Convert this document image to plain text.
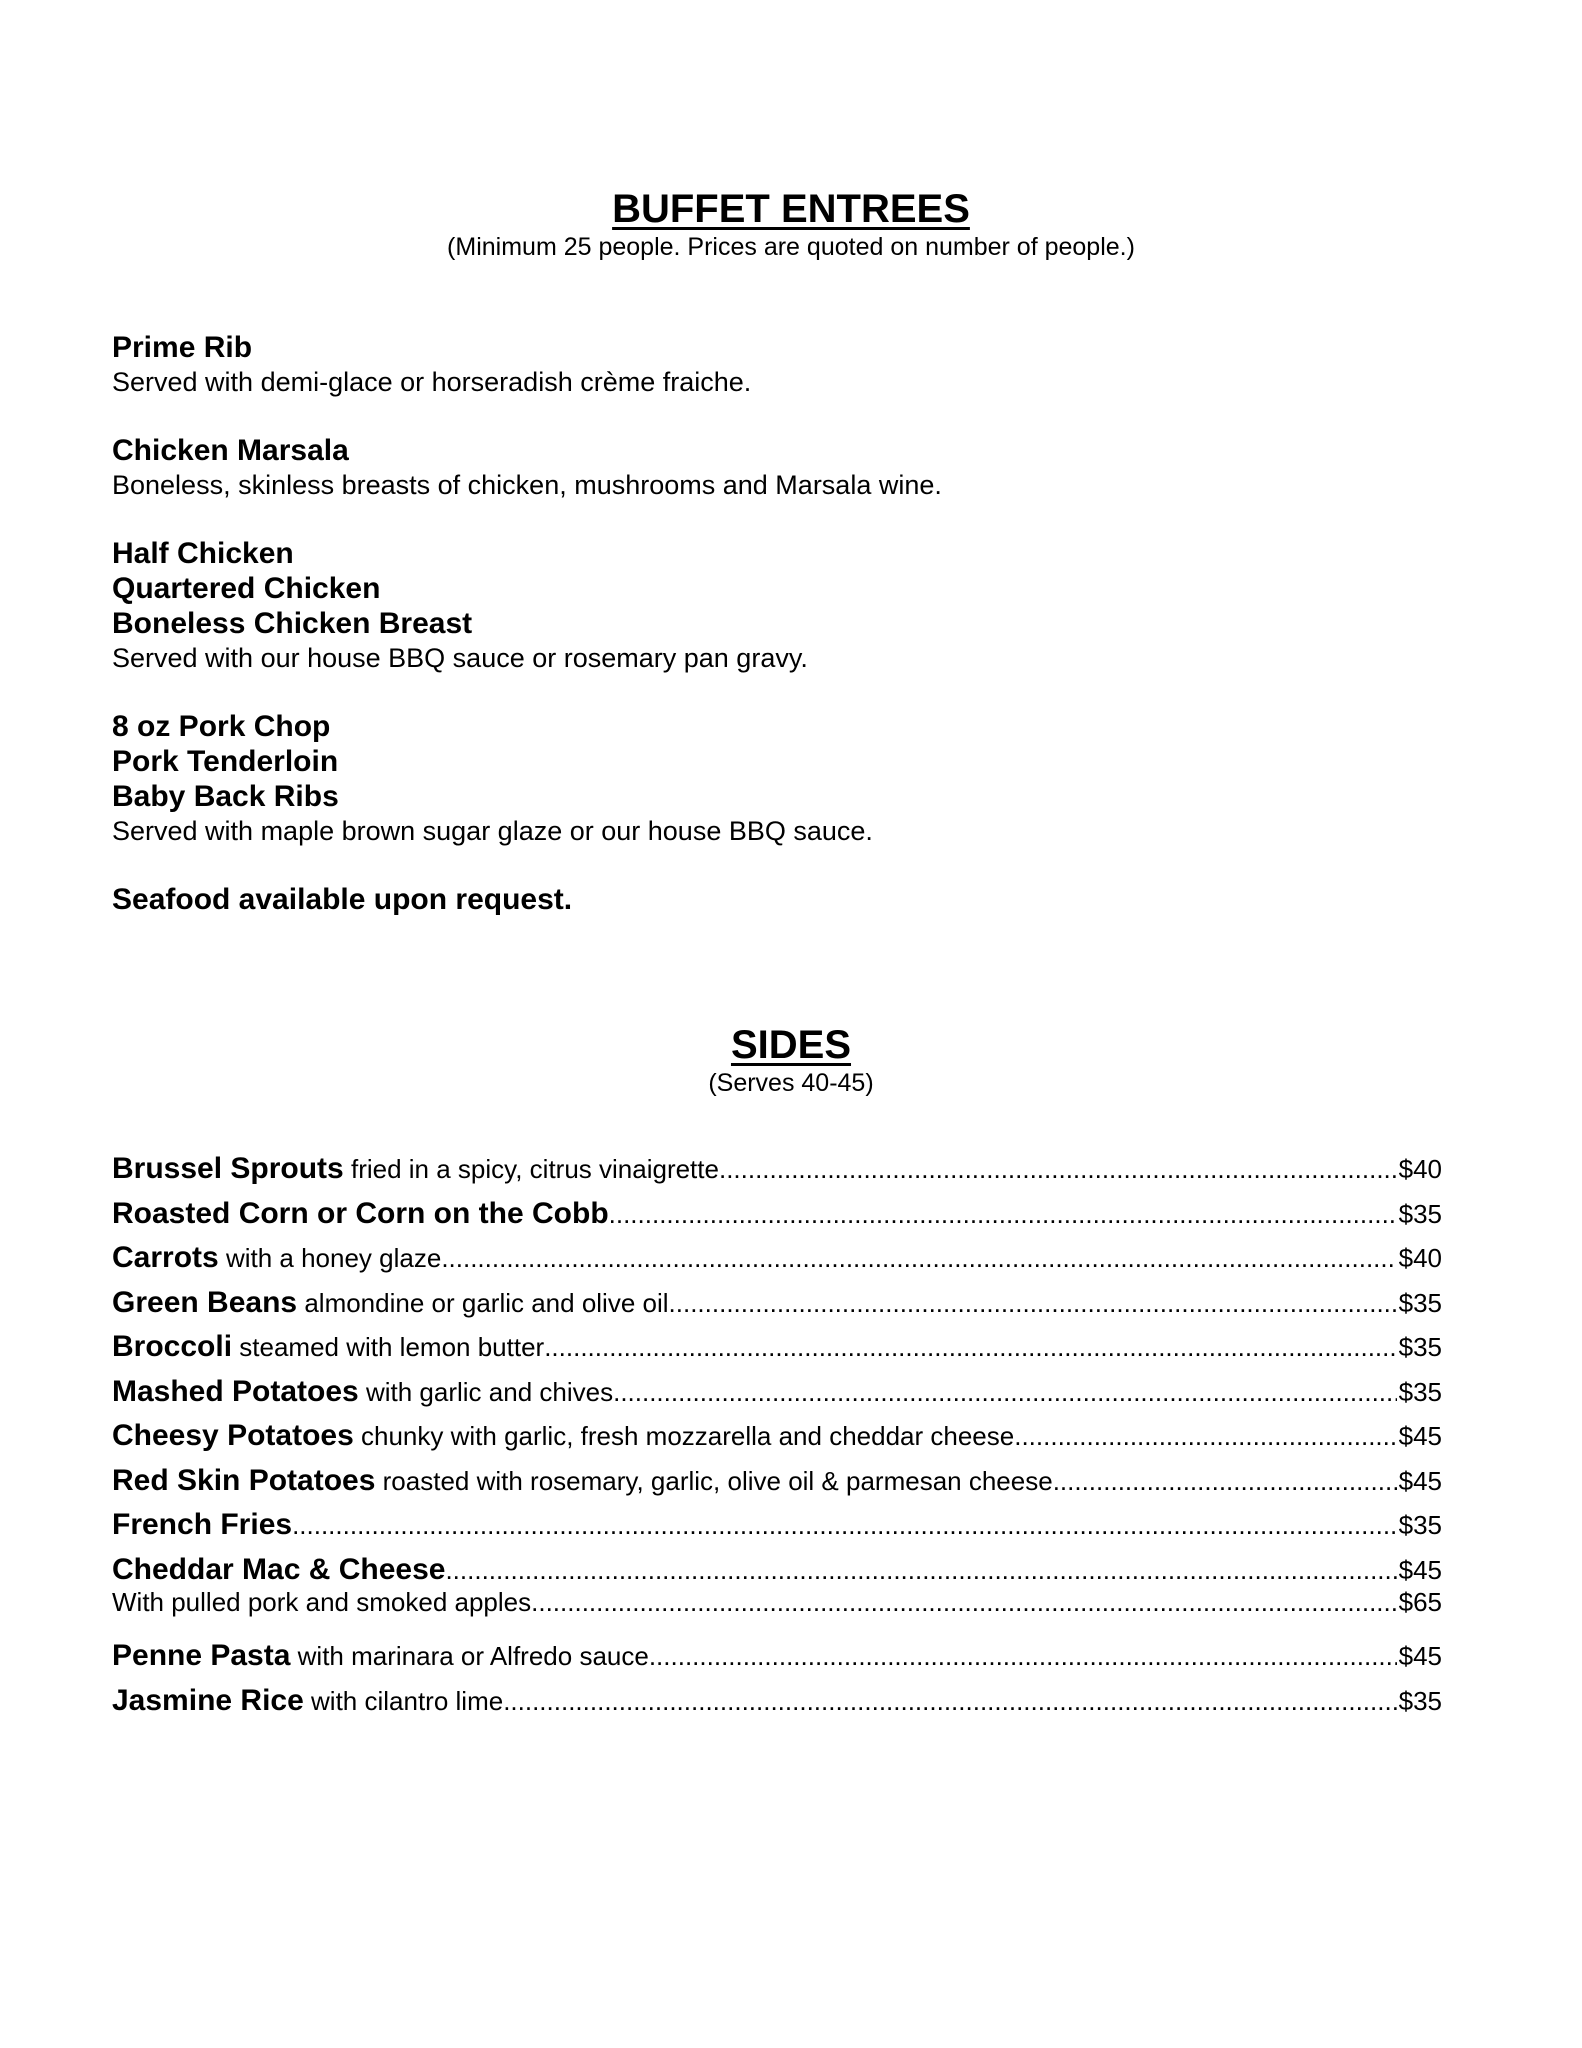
BUFFET ENTREES
(Minimum 25 people. Prices are quoted on number of people.)
Prime Rib
Served with demi-glace or horseradish crème fraiche.
Chicken Marsala
Boneless, skinless breasts of chicken, mushrooms and Marsala wine.
Half Chicken
Quartered Chicken
Boneless Chicken Breast
Served with our house BBQ sauce or rosemary pan gravy.
8 oz Pork Chop
Pork Tenderloin
Baby Back Ribs
Served with maple brown sugar glaze or our house BBQ sauce.
Seafood available upon request.
SIDES
(Serves 40-45)
Brussel Sprouts
fried in a spicy, citrus vinaigrette .....	$40
Roasted Corn or Corn on the Cobb .....	$35
Carrots
with a honey glaze .....	$40
Green Beans
almondine or garlic and olive oil .....	$35
Broccoli
steamed with lemon butter .....	$35
Mashed Potatoes
with garlic and chives .....	$35
Cheesy Potatoes
chunky with garlic, fresh mozzarella and cheddar cheese .....	$45
Red Skin Potatoes
roasted with rosemary, garlic, olive oil & parmesan cheese .....	$45
French Fries .....	$35
Cheddar Mac & Cheese .....	$45
With pulled pork and smoked apples .....	$65
Penne Pasta
with marinara or Alfredo sauce .....	$45
Jasmine Rice
with cilantro lime .....	$35
